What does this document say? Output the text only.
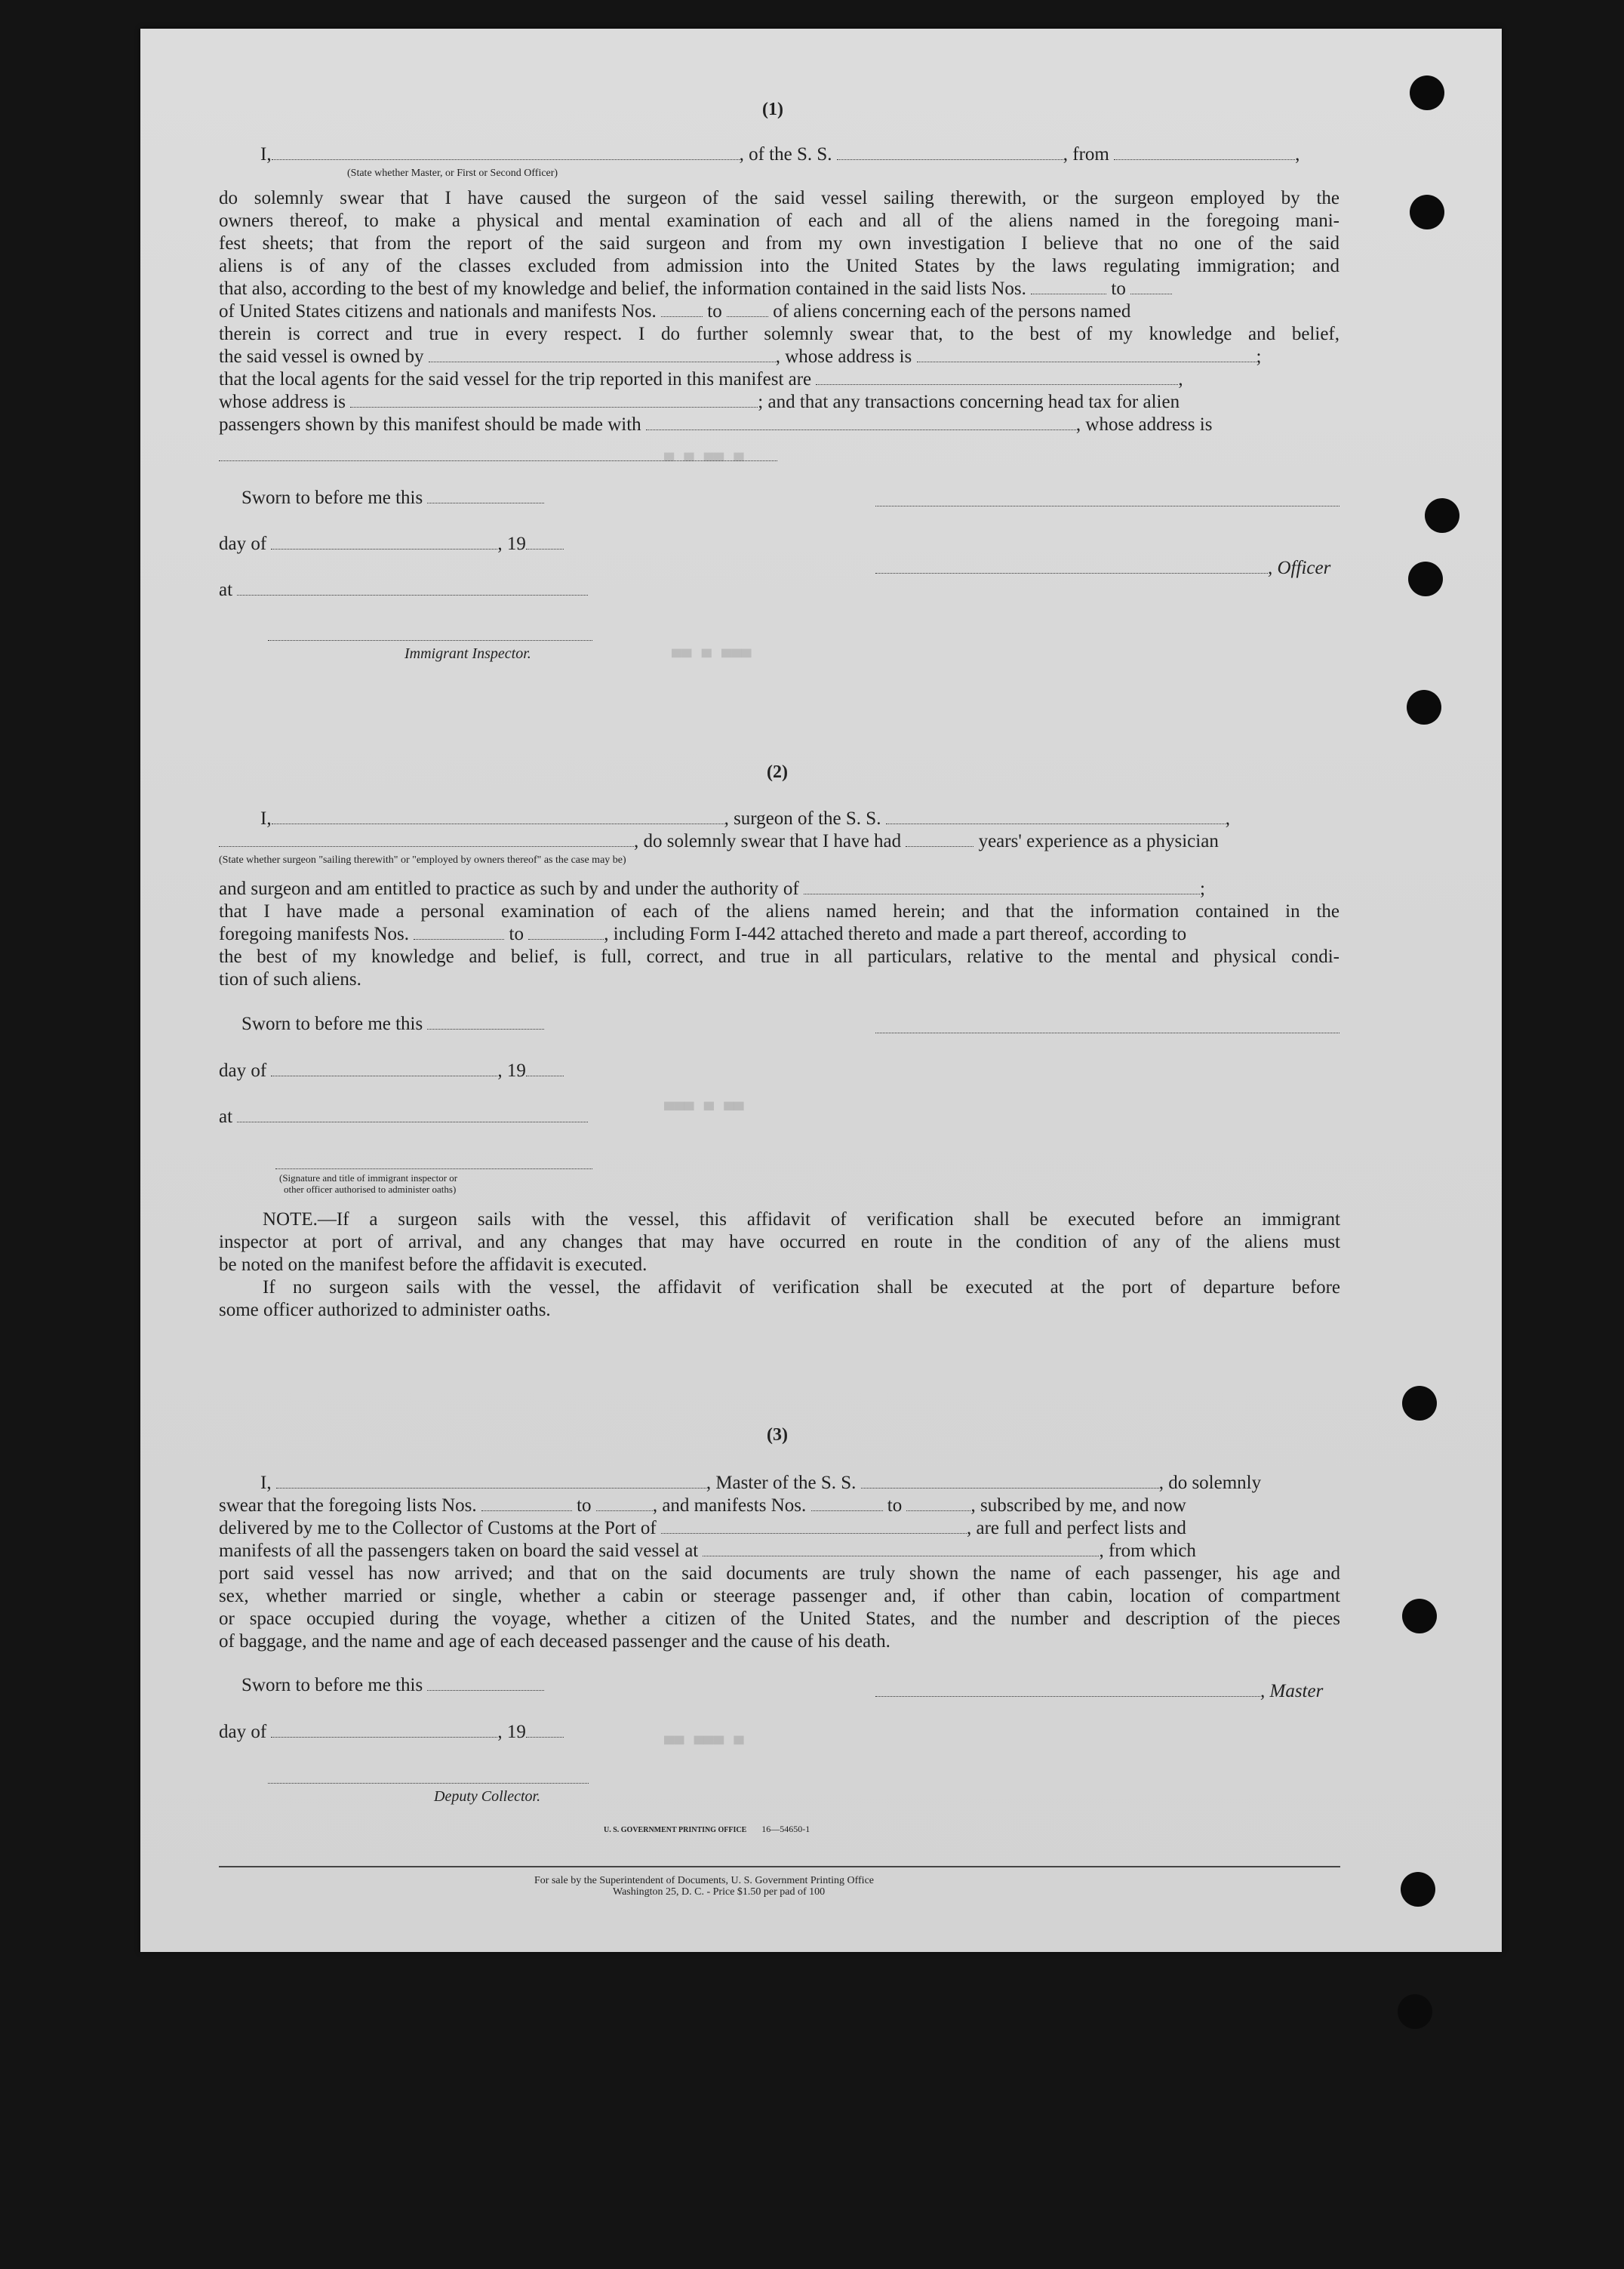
▀ ▀ ▀▀ ▀
▀▀ ▀ ▀▀▀
▀▀▀ ▀ ▀▀
▀▀ ▀▀▀ ▀
(1)
I,	, of the S. S.	, from	,
(State whether Master, or First or Second Officer)
do solemnly swear that I have caused the surgeon of the said vessel sailing therewith, or the surgeon employed by the
owners thereof, to make a physical and mental examination of each and all of the aliens named in the foregoing mani-
fest sheets; that from the report of the said surgeon and from my own investigation I believe that no one of the said
aliens is of any of the classes excluded from admission into the United States by the laws regulating immigration; and
that also, according to the best of my knowledge and belief, the information contained in the said lists Nos.	to
of United States citizens and nationals and manifests Nos.	to	of aliens concerning each of the persons named
therein is correct and true in every respect. I do further solemnly swear that, to the best of my knowledge and belief,
the said vessel is owned by	, whose address is	;
that the local agents for the said vessel for the trip reported in this manifest are	,
whose address is	; and that any transactions concerning head tax for alien
passengers shown by this manifest should be made with	, whose address is
Sworn to before me this
day of	, 19
, Officer
at
Immigrant Inspector.
(2)
I,	, surgeon of the S. S.	,
, do solemnly swear that I have had	years' experience as a physician
(State whether surgeon "sailing therewith" or "employed by owners thereof" as the case may be)
and surgeon and am entitled to practice as such by and under the authority of	;
that I have made a personal examination of each of the aliens named herein; and that the information contained in the
foregoing manifests Nos.	to	, including Form I-442 attached thereto and made a part thereof, according to
the best of my knowledge and belief, is full, correct, and true in all particulars, relative to the mental and physical condi-
tion of such aliens.
Sworn to before me this
day of	, 19
at
(Signature and title of immigrant inspector or
other officer authorised to administer oaths)
NOTE.—If a surgeon sails with the vessel, this affidavit of verification shall be executed before an immigrant
inspector at port of arrival, and any changes that may have occurred en route in the condition of any of the aliens must
be noted on the manifest before the affidavit is executed.
If no surgeon sails with the vessel, the affidavit of verification shall be executed at the port of departure before
some officer authorized to administer oaths.
(3)
I,	, Master of the S. S.	, do solemnly
swear that the foregoing lists Nos.	to	, and manifests Nos.	to	, subscribed by me, and now
delivered by me to the Collector of Customs at the Port of	, are full and perfect lists and
manifests of all the passengers taken on board the said vessel at	, from which
port said vessel has now arrived; and that on the said documents are truly shown the name of each passenger, his age and
sex, whether married or single, whether a cabin or steerage passenger and, if other than cabin, location of compartment
or space occupied during the voyage, whether a citizen of the United States, and the number and description of the pieces
of baggage, and the name and age of each deceased passenger and the cause of his death.
Sworn to before me this	, Master
day of	, 19
Deputy Collector.
U. S. GOVERNMENT PRINTING OFFICE 16—54650-1
For sale by the Superintendent of Documents, U. S. Government Printing Office
Washington 25, D. C. - Price $1.50 per pad of 100
